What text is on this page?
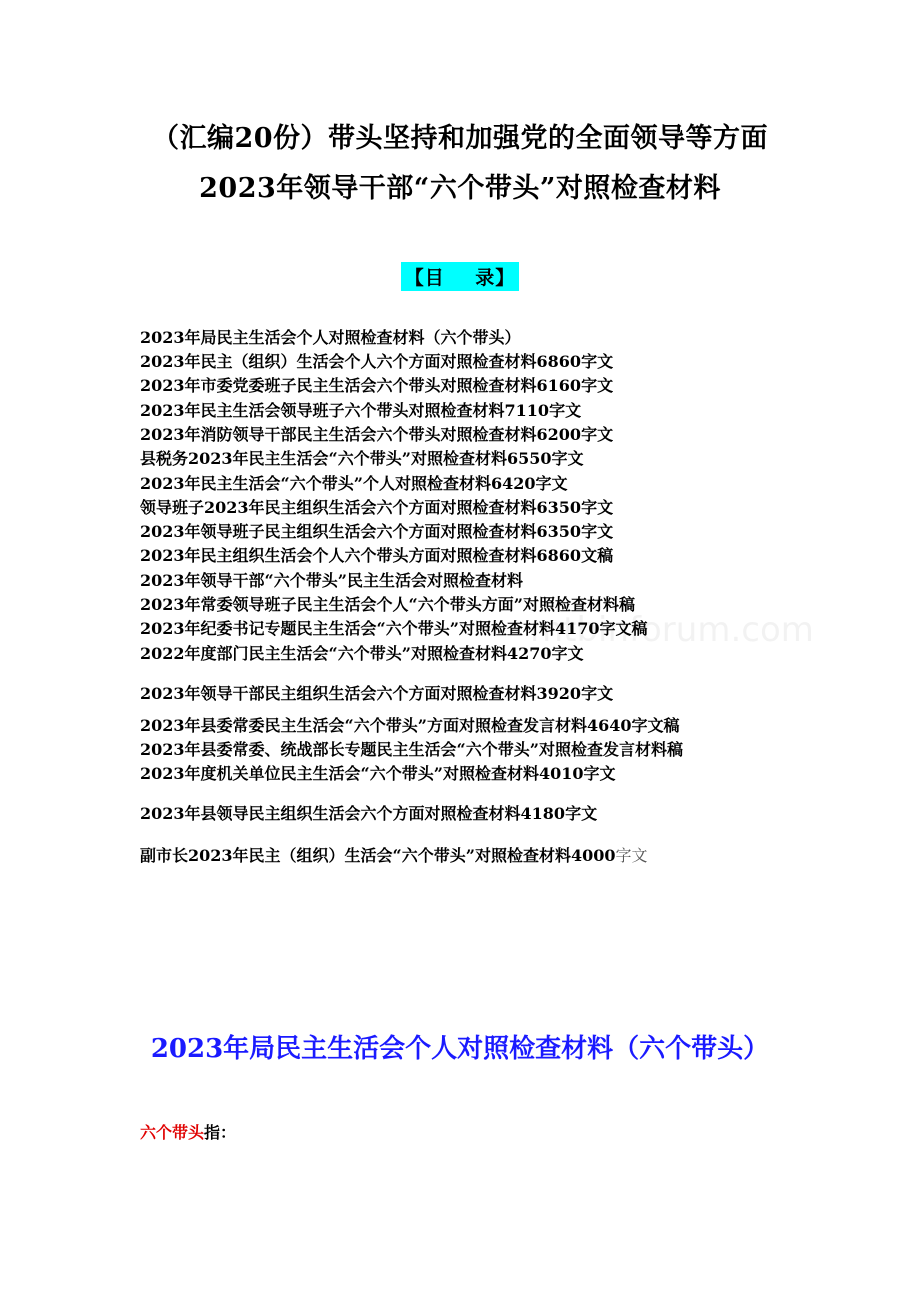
（汇编20份）带头坚持和加强党的全面领导等方面
2023年领导干部“六个带头”对照检查材料
【目    录】
mtbinforum.com
2023年局民主生活会个人对照检查材料（六个带头）
2023年民主（组织）生活会个人六个方面对照检查材料6860字文
2023年市委党委班子民主生活会六个带头对照检查材料6160字文
2023年民主生活会领导班子六个带头对照检查材料7110字文
2023年消防领导干部民主生活会六个带头对照检查材料6200字文
县税务2023年民主生活会“六个带头”对照检查材料6550字文
2023年民主生活会“六个带头”个人对照检查材料6420字文
领导班子2023年民主组织生活会六个方面对照检查材料6350字文
2023年领导班子民主组织生活会六个方面对照检查材料6350字文
2023年民主组织生活会个人六个带头方面对照检查材料6860文稿
2023年领导干部“六个带头”民主生活会对照检查材料
2023年常委领导班子民主生活会个人“六个带头方面”对照检查材料稿
2023年纪委书记专题民主生活会“六个带头”对照检查材料4170字文稿
2022年度部门民主生活会“六个带头”对照检查材料4270字文
2023年领导干部民主组织生活会六个方面对照检查材料3920字文
2023年县委常委民主生活会“六个带头”方面对照检查发言材料4640字文稿
2023年县委常委、统战部长专题民主生活会“六个带头”对照检查发言材料稿
2023年度机关单位民主生活会“六个带头”对照检查材料4010字文
2023年县领导民主组织生活会六个方面对照检查材料4180字文
副市长2023年民主（组织）生活会“六个带头”对照检查材料4000字文
2023年局民主生活会个人对照检查材料（六个带头）
六个带头指：
